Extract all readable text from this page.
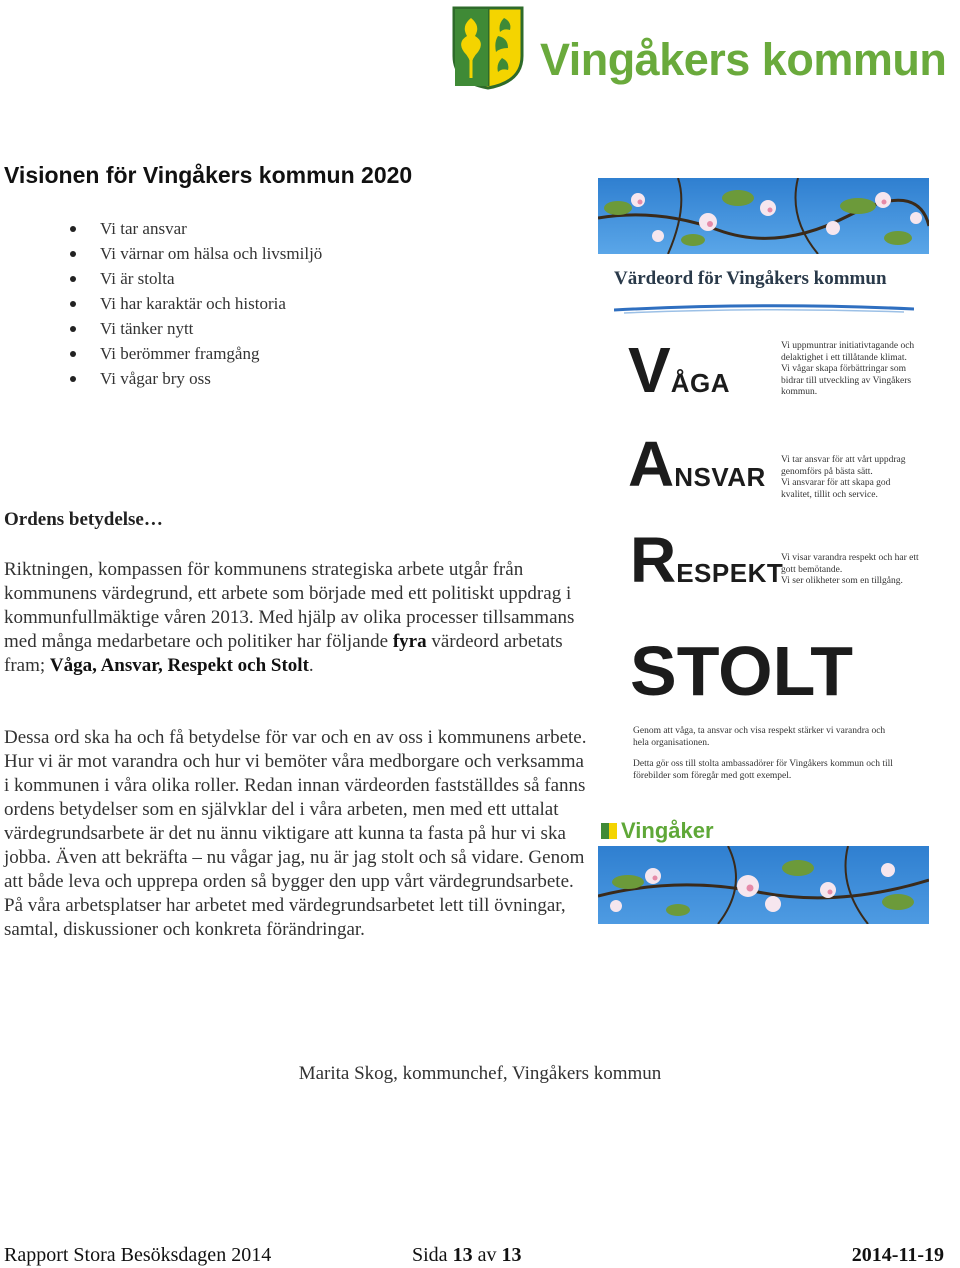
Vingåkers kommun
Visionen för Vingåkers kommun 2020
Vi tar ansvar
Vi värnar om hälsa och livsmiljö
Vi är stolta
Vi har karaktär och historia
Vi tänker nytt
Vi berömmer framgång
Vi vågar bry oss
Ordens betydelse…
Riktningen, kompassen för kommunens strategiska arbete utgår från kommunens värdegrund, ett arbete som började med ett politiskt uppdrag i kommunfullmäktige våren 2013. Med hjälp av olika processer tillsammans med många medarbetare och politiker har följande fyra värdeord arbetats fram; Våga, Ansvar, Respekt och Stolt.
Dessa ord ska ha och få betydelse för var och en av oss i kommunens arbete. Hur vi är mot varandra och hur vi bemöter våra medborgare och verksamma i kommunen i våra olika roller. Redan innan värdeorden fastställdes så fanns ordens betydelser som en självklar del i våra arbeten, men med ett uttalat värdegrundsarbete är det nu ännu viktigare att kunna ta fasta på hur vi ska jobba. Även att bekräfta – nu vågar jag, nu är jag stolt och så vidare. Genom att både leva och upprepa orden så bygger den upp vårt värdegrundsarbete. På våra arbetsplatser har arbetet med värdegrundsarbetet lett till övningar, samtal, diskussioner och konkreta förändringar.
Värdeord för Vingåkers kommun
VÅGA

Vi uppmuntrar initiativtagande och delaktighet i ett tillåtande klimat.

Vi vågar skapa förbättringar som bidrar till utveckling av Vingåkers kommun.

ANSVAR

Vi tar ansvar för att vårt uppdrag genomförs på bästa sätt.

Vi ansvarar för att skapa god kvalitet, tillit och service.

RESPEKT

Vi visar varandra respekt och har ett gott bemötande.

Vi ser olikheter som en tillgång.

STOLT

Genom att våga, ta ansvar och visa respekt stärker vi varandra och hela organisationen.

Detta gör oss till stolta ambassadörer för Vingåkers kommun och till förebilder som föregår med gott exempel.

Vingåker
Marita Skog, kommunchef, Vingåkers kommun
Rapport Stora Besöksdagen 2014	Sida 13 av 13	2014-11-19
